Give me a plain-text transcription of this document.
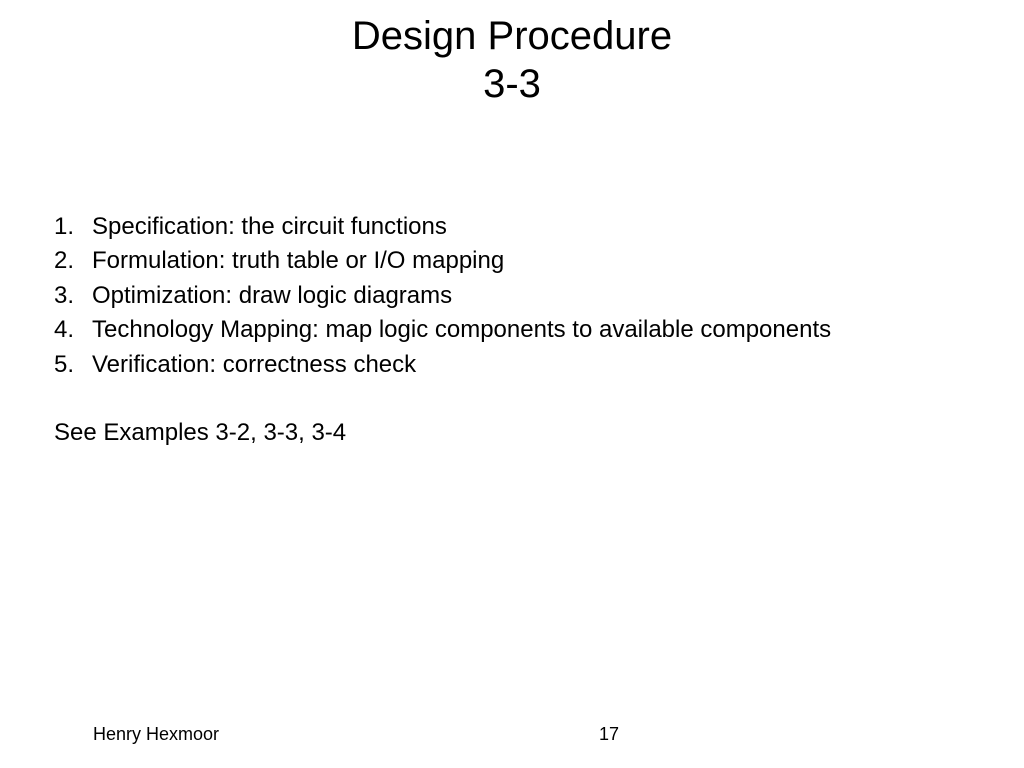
Design Procedure
3-3
1. Specification: the circuit functions
2. Formulation: truth table or I/O mapping
3. Optimization: draw logic diagrams
4. Technology Mapping: map logic components to available components
5. Verification: correctness check
See Examples 3-2, 3-3, 3-4
Henry Hexmoor	17
